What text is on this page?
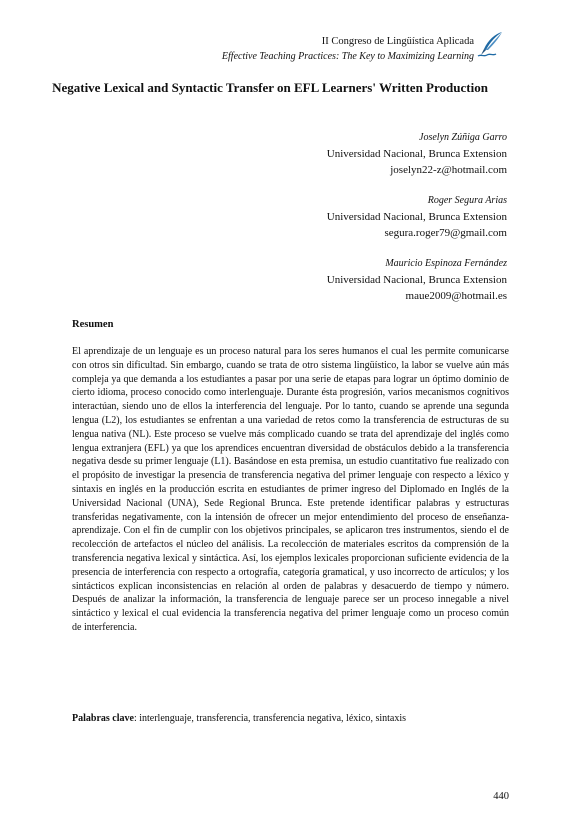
II Congreso de Lingüística Aplicada
Effective Teaching Practices: The Key to Maximizing Learning
Negative Lexical and Syntactic Transfer on EFL Learners' Written Production
Joselyn Zúñiga Garro
Universidad Nacional, Brunca Extension
joselyn22-z@hotmail.com
Roger Segura Arias
Universidad Nacional, Brunca Extension
segura.roger79@gmail.com
Mauricio Espinoza Fernández
Universidad Nacional, Brunca Extension
maue2009@hotmail.es
Resumen

El aprendizaje de un lenguaje es un proceso natural para los seres humanos el cual les permite comunicarse con otros sin dificultad. Sin embargo, cuando se trata de otro sistema lingüístico, la labor se vuelve aún más compleja ya que demanda a los estudiantes a pasar por una serie de etapas para lograr un óptimo dominio de cierto idioma, proceso conocido como interlenguaje. Durante ésta progresión, varios mecanismos cognitivos interactúan, siendo uno de ellos la interferencia del lenguaje. Por lo tanto, cuando se aprende una segunda lengua (L2), los estudiantes se enfrentan a una variedad de retos como la transferencia de estructuras de su lengua nativa (NL). Este proceso se vuelve más complicado cuando se trata del aprendizaje del inglés como lengua extranjera (EFL) ya que los aprendices encuentran diversidad de obstáculos debido a la transferencia negativa desde su primer lenguaje (L1). Basándose en esta premisa, un estudio cuantitativo fue realizado con el propósito de investigar la presencia de transferencia negativa del primer lenguaje con respecto a léxico y sintaxis en inglés en la producción escrita en estudiantes de primer ingreso del Diplomado en Inglés de la Universidad Nacional (UNA), Sede Regional Brunca. Este pretende identificar palabras y estructuras transferidas negativamente, con la intensión de ofrecer un mejor entendimiento del proceso de enseñanza-aprendizaje. Con el fin de cumplir con los objetivos principales, se aplicaron tres instrumentos, siendo el de recolección de artefactos el núcleo del análisis. La recolección de materiales escritos da comprensión de la transferencia negativa lexical y sintáctica. Así, los ejemplos lexicales proporcionan suficiente evidencia de la presencia de interferencia con respecto a ortografía, categoría gramatical, y uso incorrecto de artículos; y los sintácticos explican inconsistencias en relación al orden de palabras y desacuerdo de tiempo y número. Después de analizar la información, la transferencia de lenguaje parece ser un proceso innegable a nivel sintáctico y lexical el cual evidencia la transferencia negativa del primer lenguaje como un proceso común de interferencia.

Palabras clave: interlenguaje, transferencia, transferencia negativa, léxico, sintaxis
440
